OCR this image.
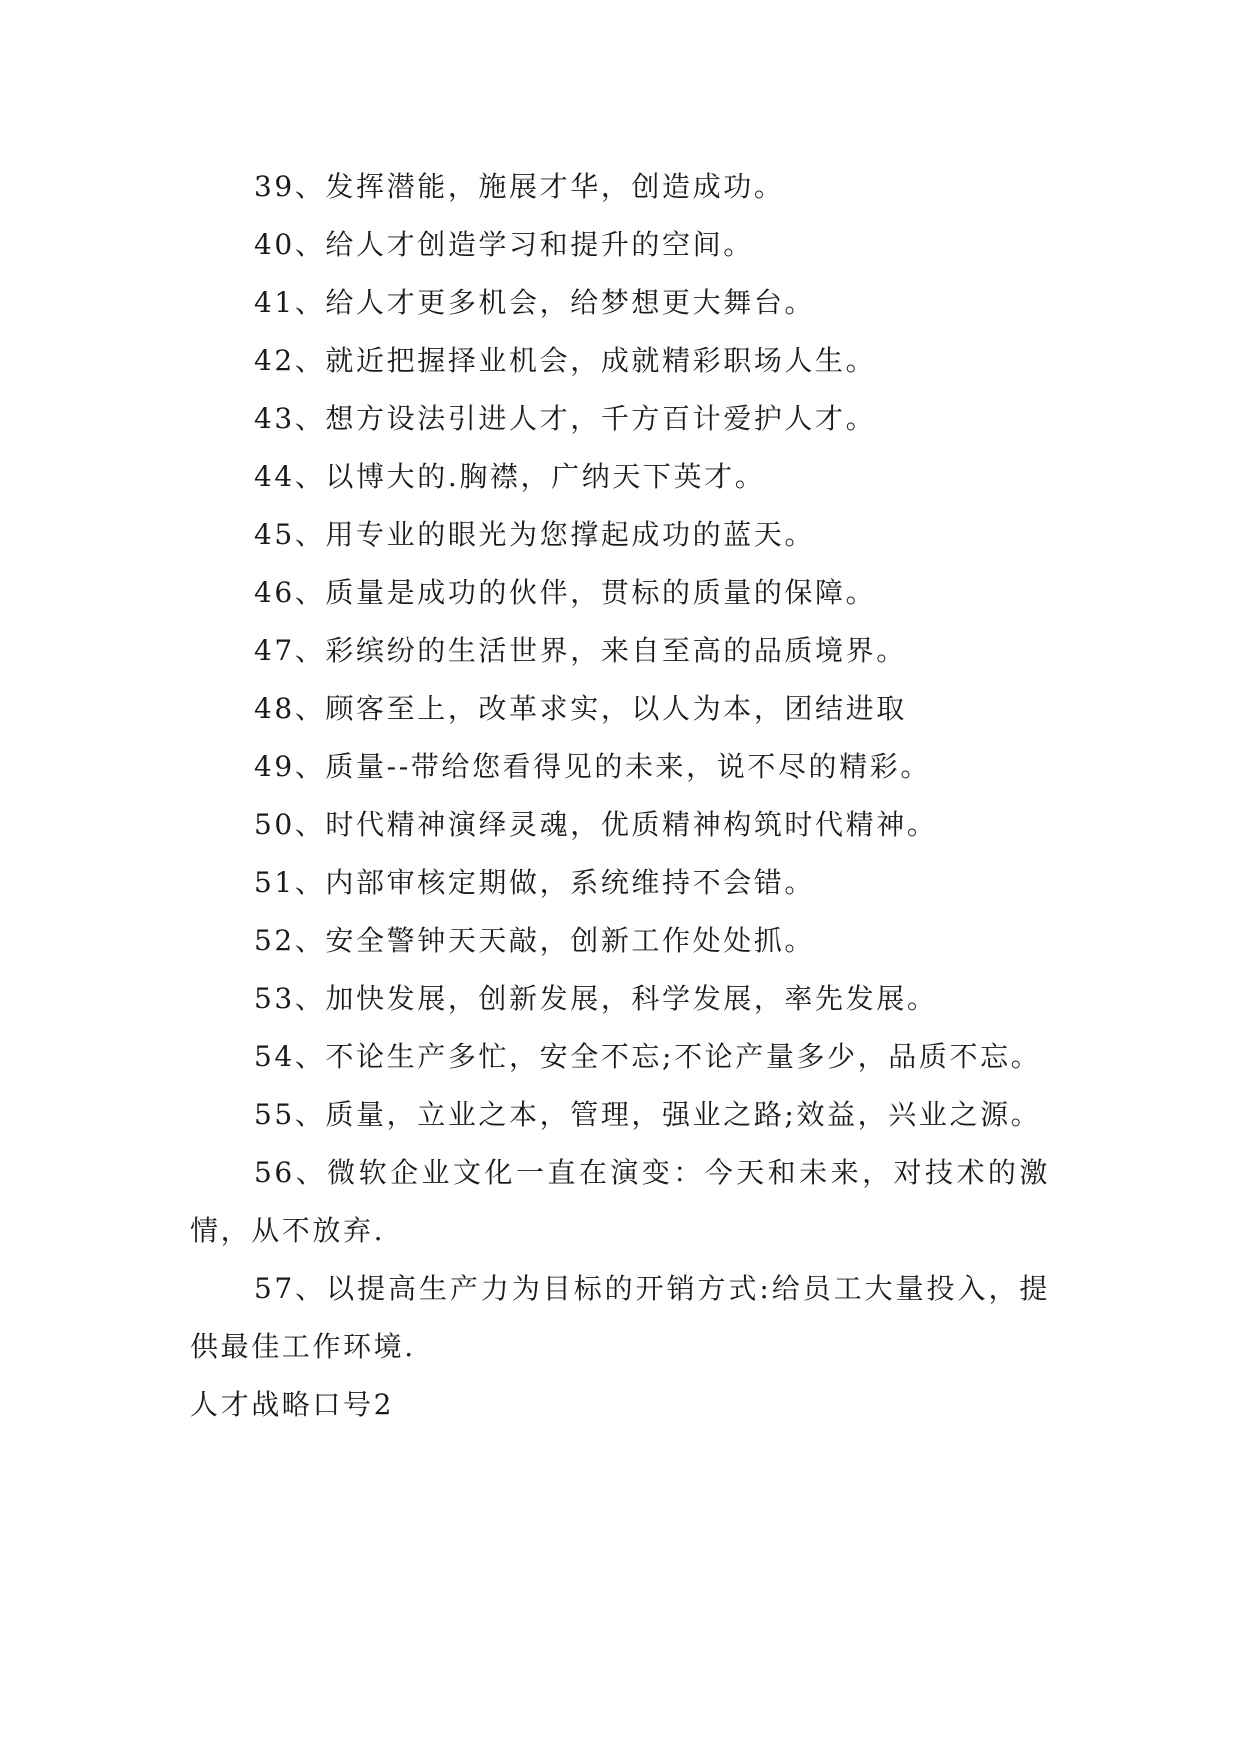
39、发挥潜能，施展才华，创造成功。

40、给人才创造学习和提升的空间。

41、给人才更多机会，给梦想更大舞台。

42、就近把握择业机会，成就精彩职场人生。

43、想方设法引进人才，千方百计爱护人才。

44、以博大的.胸襟，广纳天下英才。

45、用专业的眼光为您撑起成功的蓝天。

46、质量是成功的伙伴，贯标的质量的保障。

47、彩缤纷的生活世界，来自至高的品质境界。

48、顾客至上，改革求实，以人为本，团结进取

49、质量--带给您看得见的未来，说不尽的精彩。

50、时代精神演绎灵魂，优质精神构筑时代精神。

51、内部审核定期做，系统维持不会错。

52、安全警钟天天敲，创新工作处处抓。

53、加快发展，创新发展，科学发展，率先发展。

54、不论生产多忙，安全不忘;不论产量多少，品质不忘。

55、质量，立业之本，管理，强业之路;效益，兴业之源。

56、微软企业文化一直在演变：今天和未来，对技术的激情，从不放弃.

57、以提高生产力为目标的开销方式:给员工大量投入，提供最佳工作环境.

人才战略口号2
